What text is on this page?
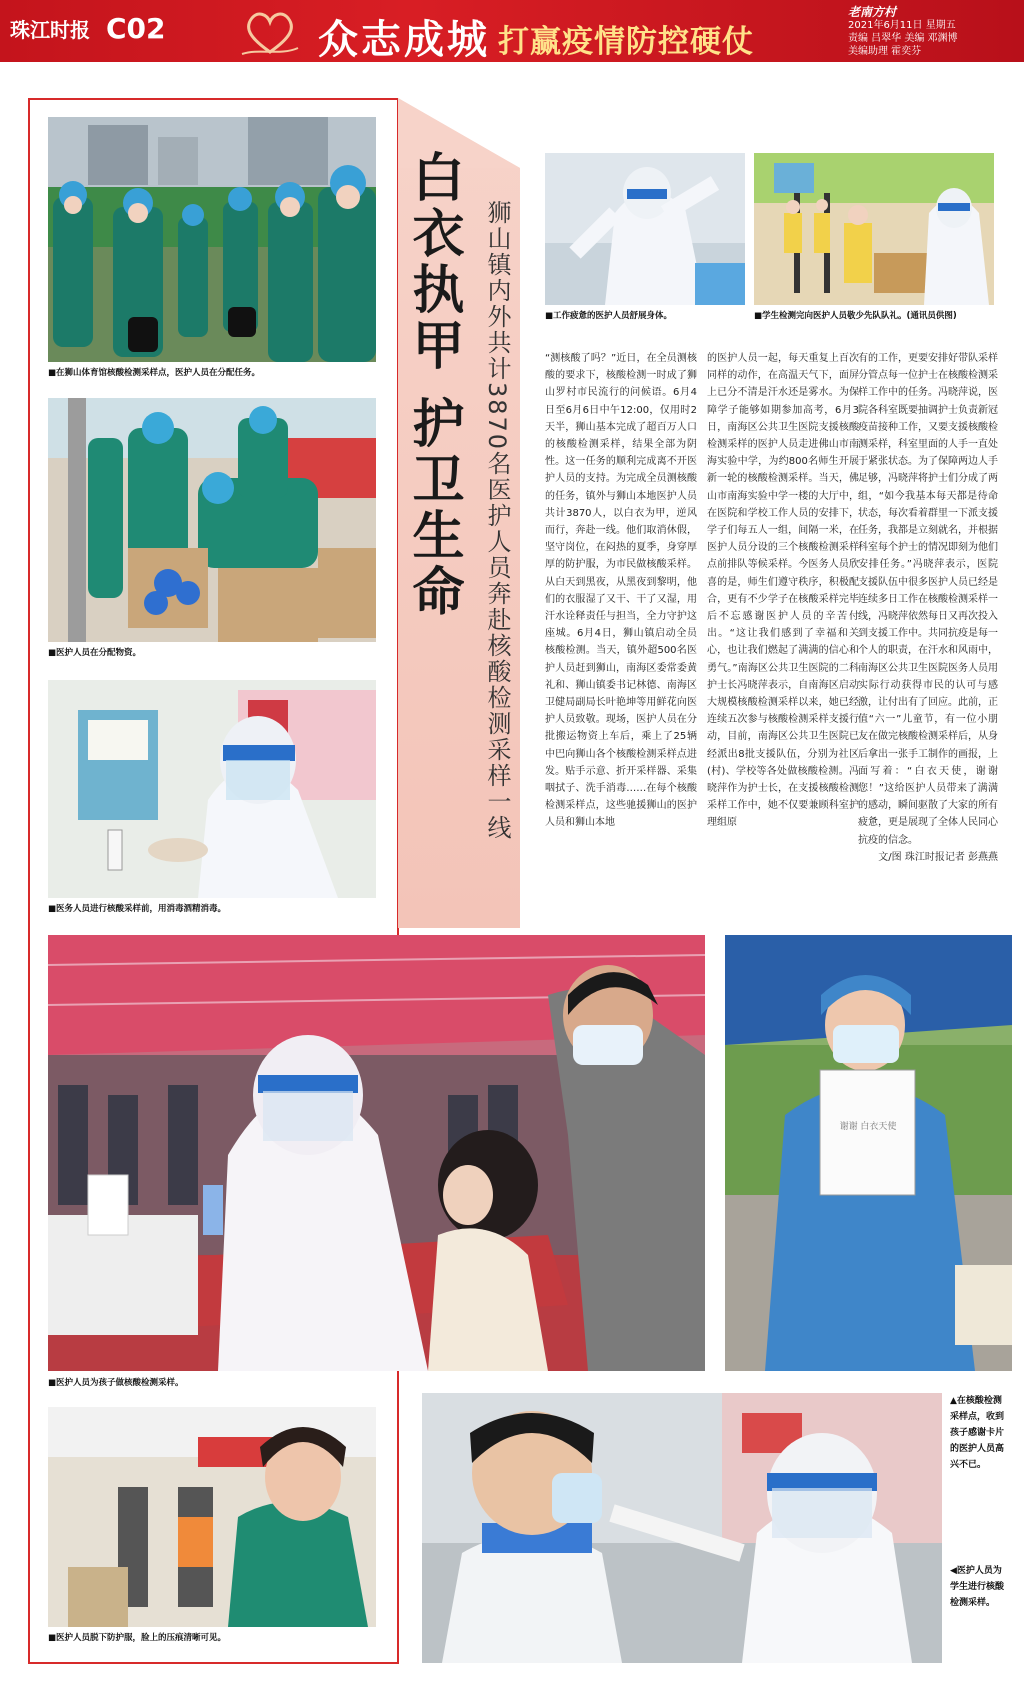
珠江时报 C02	众志成城 打赢疫情防控硬仗
老南方村
2021年6月11日 星期五
责编 吕翠华 美编 邓渊博
美编助理 霍奕芬
■在狮山体育馆核酸检测采样点，医护人员在分配任务。
■医护人员在分配物资。
■医务人员进行核酸采样前，用消毒酒精消毒。
白衣执甲 护卫生命 狮山镇内外共计3870名医护人员奔赴核酸检测采样一线	■工作疲惫的医护人员舒展身体。	■学生检测完向医护人员敬少先队队礼。(通讯员供图)
“测核酸了吗？”近日，在全员测核酸的要求下，核酸检测一时成了狮山罗村市民流行的问候语。6月4日至6月6日中午12:00，仅用时2天半，狮山基本完成了超百万人口的核酸检测采样，结果全部为阴性。这一任务的顺利完成离不开医护人员的支持。为完成全员测核酸的任务，镇外与狮山本地医护人员共计3870人，以白衣为甲，逆风而行，奔赴一线。他们取消休假，坚守岗位，在闷热的夏季，身穿厚厚的防护服，为市民做核酸采样。从白天到黑夜，从黑夜到黎明，他们的衣服湿了又干、干了又湿，用汗水诠释责任与担当，全力守护这座城。6月4日，狮山镇启动全员核酸检测。当天，镇外超500名医护人员赶到狮山，南海区委常委黄礼和、狮山镇委书记林德、南海区卫健局副局长叶艳坤等用鲜花向医护人员致敬。现场，医护人员在分批搬运物资上车后，乘上了25辆中巴向狮山各个核酸检测采样点进发。贴手示意、折开采样器、采集咽拭子、洗手消毒……在每个核酸检测采样点，这些驰援狮山的医护人员和狮山本地
的医护人员一起，每天重复上百次同样的动作，在高温天气下，面屏上已分不清是汗水还是雾水。为保障学子能够如期参加高考，6月3日，南海区公共卫生医院支援核酸检测采样的医护人员走进佛山市南海实验中学，为约800名师生开展新一轮的核酸检测采样。当天，佛山市南海实验中学一楼的大厅中，在医院和学校工作人员的安排下，学子们每五人一组，间隔一米，在医护人员分设的三个核酸检测采样点前排队等候采样。今医务人员欣喜的是，师生们遵守秩序，积极配合，更有不少学子在核酸采样完毕后不忘感谢医护人员的辛苦付出。“这让我们感到了幸福和关心，也让我们燃起了满满的信心和勇气。”南海区公共卫生医院的二科护士长冯晓萍表示，自南海区启动大规模核酸检测采样以来，她已经连续五次参与核酸检测采样支援行动，目前，南海区公共卫生医院已经派出8批支援队伍，分别为社区(村)、学校等各处做核酸检测。冯晓萍作为护士长，在支援核酸检测采样工作中，她不仅要兼顾科室护理组原
有的工作，更要安排好带队采样分管点每一位护士在核酸检测采样工作中的任务。冯晓萍说，医院各科室既要抽调护士负责新冠疫苗接种工作，又要支援核酸检测采样，科室里面的人手一直处于紧张状态。为了保障两边人手足够，冯晓萍将护士们分成了两组，“如今我基本每天都是待命状态，每次看着群里一下派支援任务，我都是立刻就名，并根据科室每个护士的情况即刻为他们安排任务。”冯晓萍表示，医院支援队伍中很多医护人员已经是连续多日工作在核酸检测采样一线，冯晓萍依然每日又再次投入到支援工作中。共同抗疫是每一个人的职责，在汗水和风雨中，南海区公共卫生医院医务人员用实际行动获得市民的认可与感激，让付出有了回应。此前，正值“六一”儿童节，有一位小朋友在做完核酸检测采样后，从身后拿出一张手工制作的画报，上面写着：“白衣天使，谢谢您！”这给医护人员带来了满满的感动，瞬间驱散了大家的所有疲惫，更是展现了全体人民同心抗疫的信念。
文/图 珠江时报记者 彭燕燕
■医护人员为孩子做核酸检测采样。
谢谢 白衣天使
■医护人员脱下防护服，脸上的压痕清晰可见。
▲在核酸检测采样点，收到孩子感谢卡片的医护人员高兴不已。
◀医护人员为学生进行核酸检测采样。
